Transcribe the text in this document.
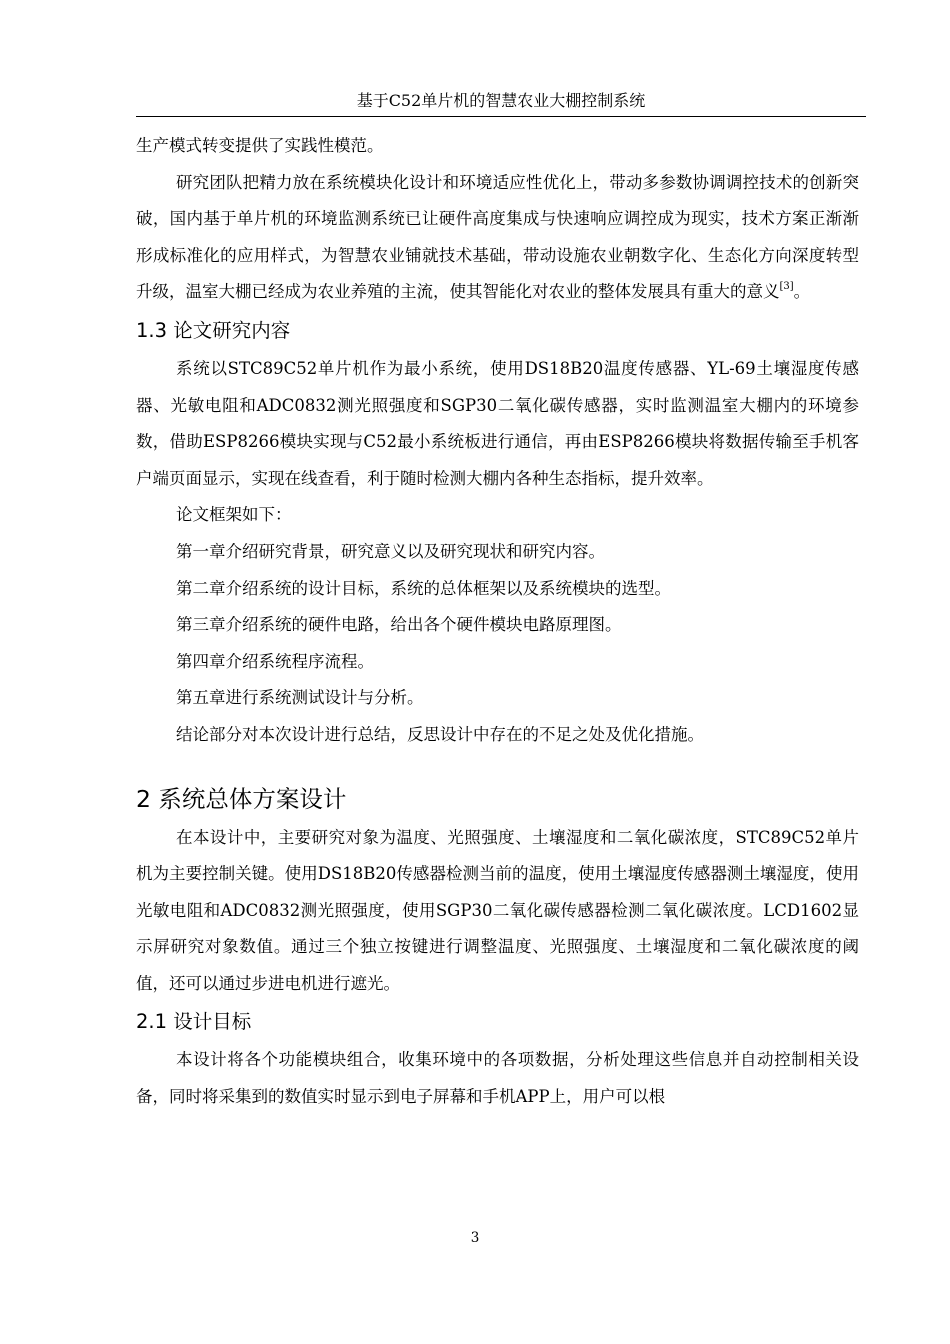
基于C52单片机的智慧农业大棚控制系统

生产模式转变提供了实践性模范。

研究团队把精力放在系统模块化设计和环境适应性优化上，带动多参数协调调控技术的创新突破，国内基于单片机的环境监测系统已让硬件高度集成与快速响应调控成为现实，技术方案正渐渐形成标准化的应用样式，为智慧农业铺就技术基础，带动设施农业朝数字化、生态化方向深度转型升级，温室大棚已经成为农业养殖的主流，使其智能化对农业的整体发展具有重大的意义[3]。

1.3 论文研究内容

系统以STC89C52单片机作为最小系统，使用DS18B20温度传感器、YL-69土壤湿度传感器、光敏电阻和ADC0832测光照强度和SGP30二氧化碳传感器，实时监测温室大棚内的环境参数，借助ESP8266模块实现与C52最小系统板进行通信，再由ESP8266模块将数据传输至手机客户端页面显示，实现在线查看，利于随时检测大棚内各种生态指标，提升效率。

论文框架如下：

第一章介绍研究背景，研究意义以及研究现状和研究内容。

第二章介绍系统的设计目标，系统的总体框架以及系统模块的选型。

第三章介绍系统的硬件电路，给出各个硬件模块电路原理图。

第四章介绍系统程序流程。

第五章进行系统测试设计与分析。

结论部分对本次设计进行总结，反思设计中存在的不足之处及优化措施。

2 系统总体方案设计

在本设计中，主要研究对象为温度、光照强度、土壤湿度和二氧化碳浓度，STC89C52单片机为主要控制关键。使用DS18B20传感器检测当前的温度，使用土壤湿度传感器测土壤湿度，使用光敏电阻和ADC0832测光照强度，使用SGP30二氧化碳传感器检测二氧化碳浓度。LCD1602显示屏研究对象数值。通过三个独立按键进行调整温度、光照强度、土壤湿度和二氧化碳浓度的阈值，还可以通过步进电机进行遮光。

2.1 设计目标

本设计将各个功能模块组合，收集环境中的各项数据，分析处理这些信息并自动控制相关设备，同时将采集到的数值实时显示到电子屏幕和手机APP上，用户可以根

3
